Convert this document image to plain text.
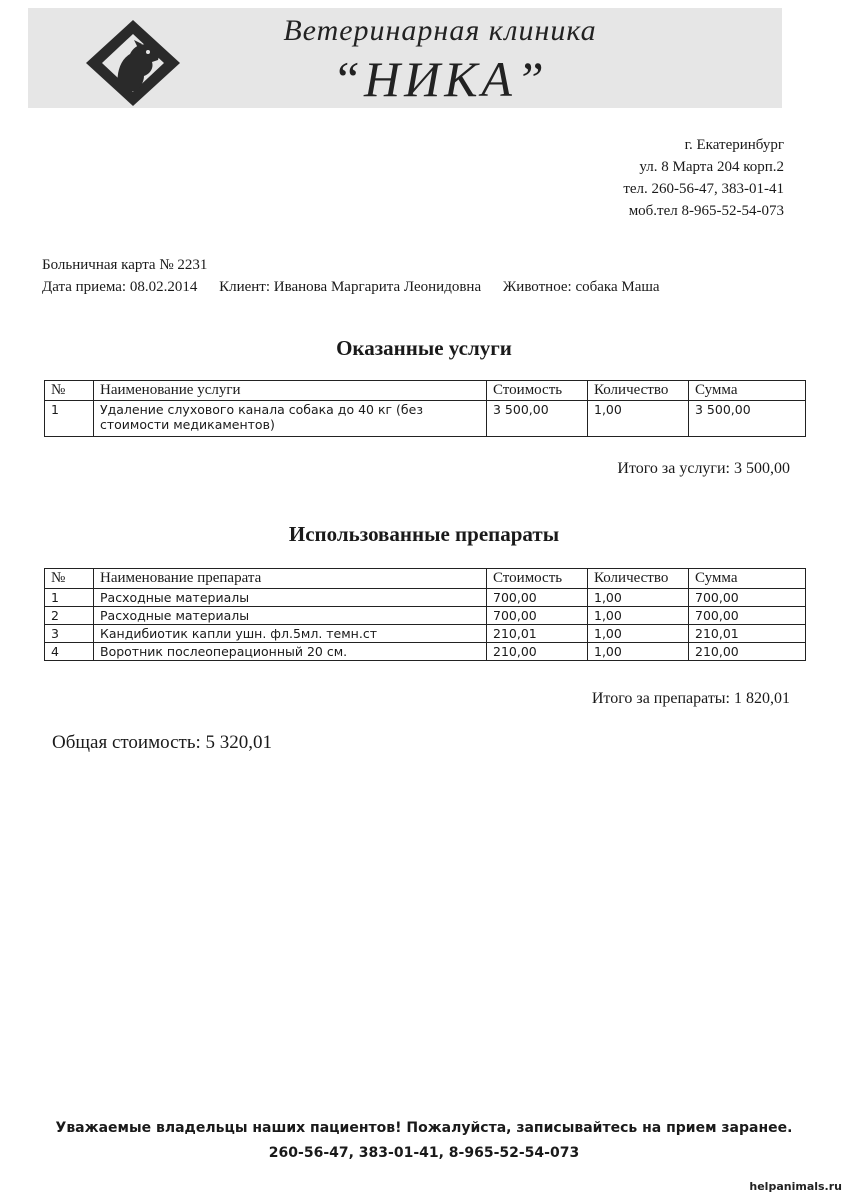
Ветеринарная клиника
“НИКА”
г. Екатеринбург
ул. 8 Марта 204 корп.2
тел. 260-56-47, 383-01-41
моб.тел 8-965-52-54-073
Больничная карта № 2231
Дата приема: 08.02.2014 Клиент: Иванова Маргарита Леонидовна Животное: собака Маша
Оказанные услуги
№	Наименование услуги	Стоимость	Количество	Сумма
1	Удаление слухового канала собака до 40 кг (без стоимости медикаментов)	3 500,00	1,00	3 500,00
Итого за услуги: 3 500,00
Использованные препараты
№	Наименование препарата	Стоимость	Количество	Сумма
1	Расходные материалы	700,00	1,00	700,00
2	Расходные материалы	700,00	1,00	700,00
3	Кандибиотик капли ушн. фл.5мл. темн.ст	210,01	1,00	210,01
4	Воротник послеоперационный 20 см.	210,00	1,00	210,00
Итого за препараты: 1 820,01
Общая стоимость: 5 320,01
Уважаемые владельцы наших пациентов! Пожалуйста, записывайтесь на прием заранее.
260-56-47, 383-01-41, 8-965-52-54-073
helpanimals.ru
